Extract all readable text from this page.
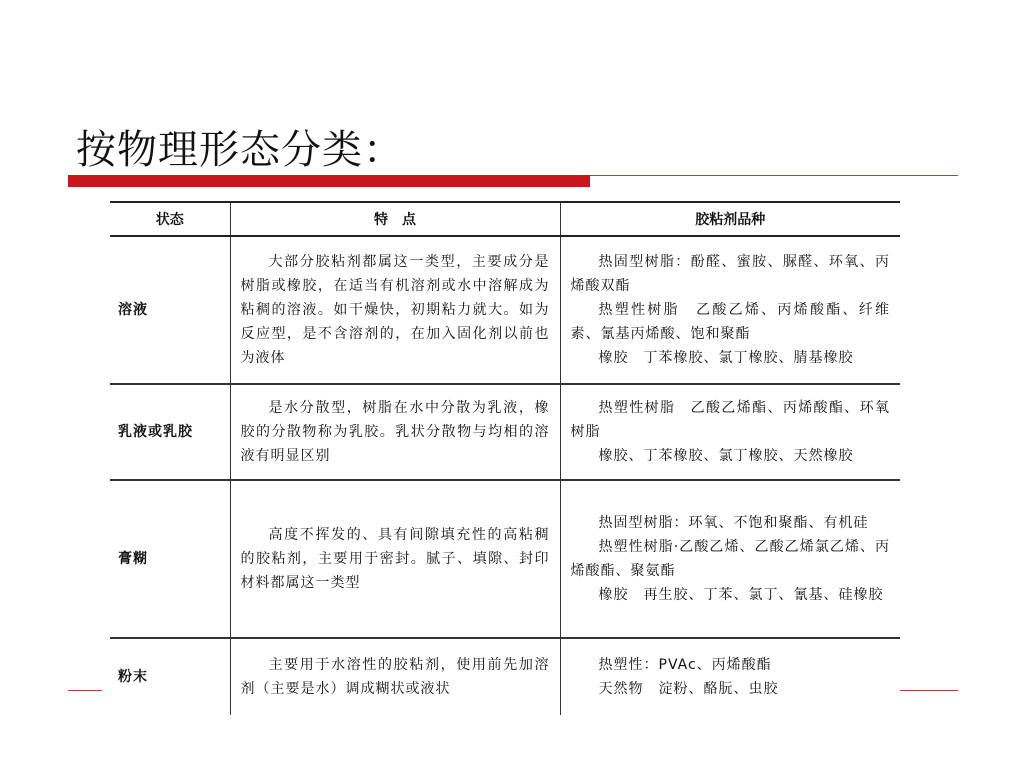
按物理形态分类：
状态	特　点	胶粘剂品种
溶液	大部分胶粘剂都属这一类型，主要成分是树脂或橡胶，在适当有机溶剂或水中溶解成为粘稠的溶液。如干燥快，初期粘力就大。如为反应型，是不含溶剂的，在加入固化剂以前也为液体	热固型树脂：酚醛、蜜胺、脲醛、环氧、丙烯酸双酯
热塑性树脂　乙酸乙烯、丙烯酸酯、纤维素、氰基丙烯酸、饱和聚酯
橡胶　丁苯橡胶、氯丁橡胶、腈基橡胶

乳液或乳胶	是水分散型，树脂在水中分散为乳液，橡胶的分散物称为乳胶。乳状分散物与均相的溶液有明显区别	热塑性树脂　乙酸乙烯酯、丙烯酸酯、环氧树脂
橡胶、丁苯橡胶、氯丁橡胶、天然橡胶

膏糊	高度不挥发的、具有间隙填充性的高粘稠的胶粘剂，主要用于密封。腻子、填隙、封印材料都属这一类型	热固型树脂：环氧、不饱和聚酯、有机硅
热塑性树脂·乙酸乙烯、乙酸乙烯氯乙烯、丙烯酸酯、聚氨酯
橡胶　再生胶、丁苯、氯丁、氰基、硅橡胶

粉末	主要用于水溶性的胶粘剂，使用前先加溶剂（主要是水）调成糊状或液状	热塑性：PVAc、丙烯酸酯
天然物　淀粉、酪朊、虫胶
